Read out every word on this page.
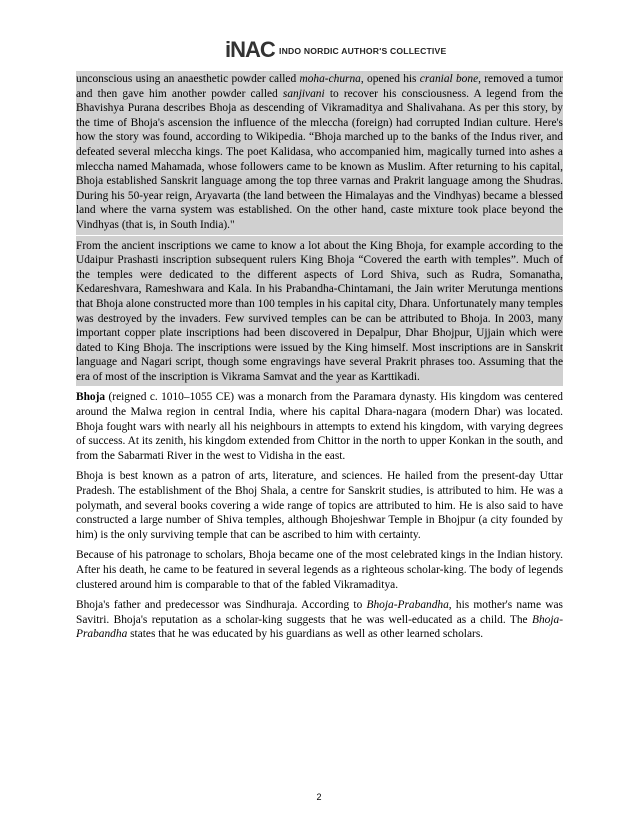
iNAC INDO NORDIC AUTHOR'S COLLECTIVE

unconscious using an anaesthetic powder called moha-churna, opened his cranial bone, removed a tumor and then gave him another powder called sanjivani to recover his consciousness. A legend from the Bhavishya Purana describes Bhoja as descending of Vikramaditya and Shalivahana. As per this story, by the time of Bhoja's ascension the influence of the mleccha (foreign) had corrupted Indian culture. Here's how the story was found, according to Wikipedia. “Bhoja marched up to the banks of the Indus river, and defeated several mleccha kings. The poet Kalidasa, who accompanied him, magically turned into ashes a mleccha named Mahamada, whose followers came to be known as Muslim. After returning to his capital, Bhoja established Sanskrit language among the top three varnas and Prakrit language among the Shudras. During his 50-year reign, Aryavarta (the land between the Himalayas and the Vindhyas) became a blessed land where the varna system was established. On the other hand, caste mixture took place beyond the Vindhyas (that is, in South India)."

From the ancient inscriptions we came to know a lot about the King Bhoja, for example according to the Udaipur Prashasti inscription subsequent rulers King Bhoja “Covered the earth with temples”. Much of the temples were dedicated to the different aspects of Lord Shiva, such as Rudra, Somanatha, Kedareshvara, Rameshwara and Kala. In his Prabandha-Chintamani, the Jain writer Merutunga mentions that Bhoja alone constructed more than 100 temples in his capital city, Dhara. Unfortunately many temples was destroyed by the invaders. Few survived temples can be can be attributed to Bhoja. In 2003, many important copper plate inscriptions had been discovered in Depalpur, Dhar Bhojpur, Ujjain which were dated to King Bhoja. The inscriptions were issued by the King himself. Most inscriptions are in Sanskrit language and Nagari script, though some engravings have several Prakrit phrases too. Assuming that the era of most of the inscription is Vikrama Samvat and the year as Karttikadi.

Bhoja (reigned c. 1010–1055 CE) was a monarch from the Paramara dynasty. His kingdom was centered around the Malwa region in central India, where his capital Dhara-nagara (modern Dhar) was located. Bhoja fought wars with nearly all his neighbours in attempts to extend his kingdom, with varying degrees of success. At its zenith, his kingdom extended from Chittor in the north to upper Konkan in the south, and from the Sabarmati River in the west to Vidisha in the east.

Bhoja is best known as a patron of arts, literature, and sciences. He hailed from the present-day Uttar Pradesh. The establishment of the Bhoj Shala, a centre for Sanskrit studies, is attributed to him. He was a polymath, and several books covering a wide range of topics are attributed to him. He is also said to have constructed a large number of Shiva temples, although Bhojeshwar Temple in Bhojpur (a city founded by him) is the only surviving temple that can be ascribed to him with certainty.

Because of his patronage to scholars, Bhoja became one of the most celebrated kings in the Indian history. After his death, he came to be featured in several legends as a righteous scholar-king. The body of legends clustered around him is comparable to that of the fabled Vikramaditya.

Bhoja's father and predecessor was Sindhuraja. According to Bhoja-Prabandha, his mother's name was Savitri. Bhoja's reputation as a scholar-king suggests that he was well-educated as a child. The Bhoja-Prabandha states that he was educated by his guardians as well as other learned scholars.

2
